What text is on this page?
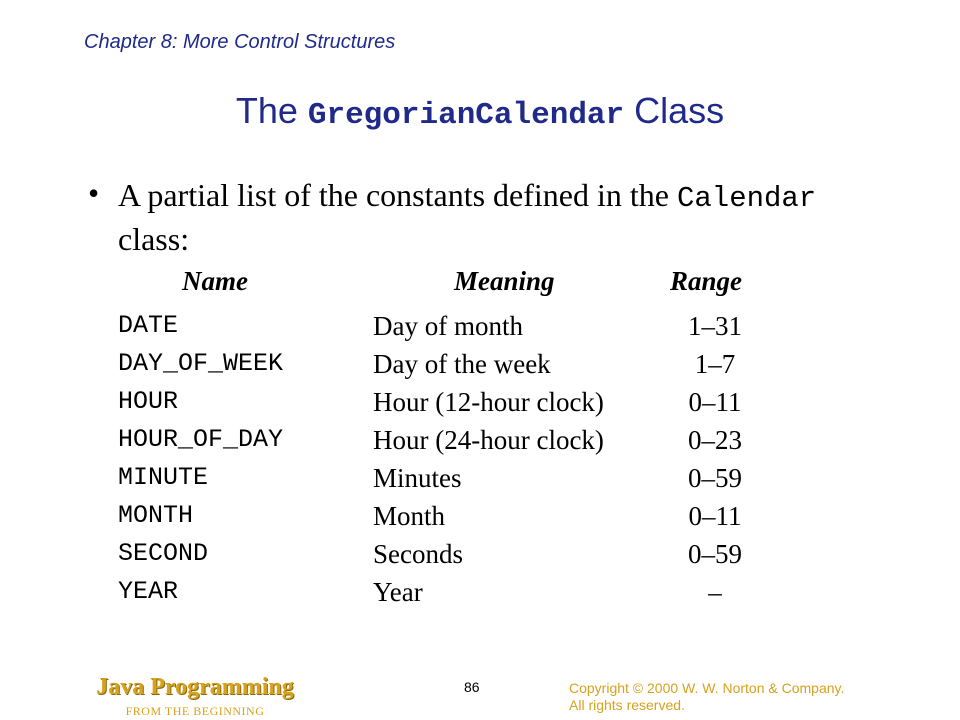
Chapter 8: More Control Structures
The GregorianCalendar Class
• A partial list of the constants defined in the Calendar class:
Name	Meaning	Range
DATE	Day of month	1–31
DAY_OF_WEEK	Day of the week	1–7
HOUR	Hour (12-hour clock)	0–11
HOUR_OF_DAY	Hour (24-hour clock)	0–23
MINUTE	Minutes	0–59
MONTH	Month	0–11
SECOND	Seconds	0–59
YEAR	Year	–
Java Programming
FROM THE BEGINNING
86	Copyright © 2000 W. W. Norton & Company.
All rights reserved.
